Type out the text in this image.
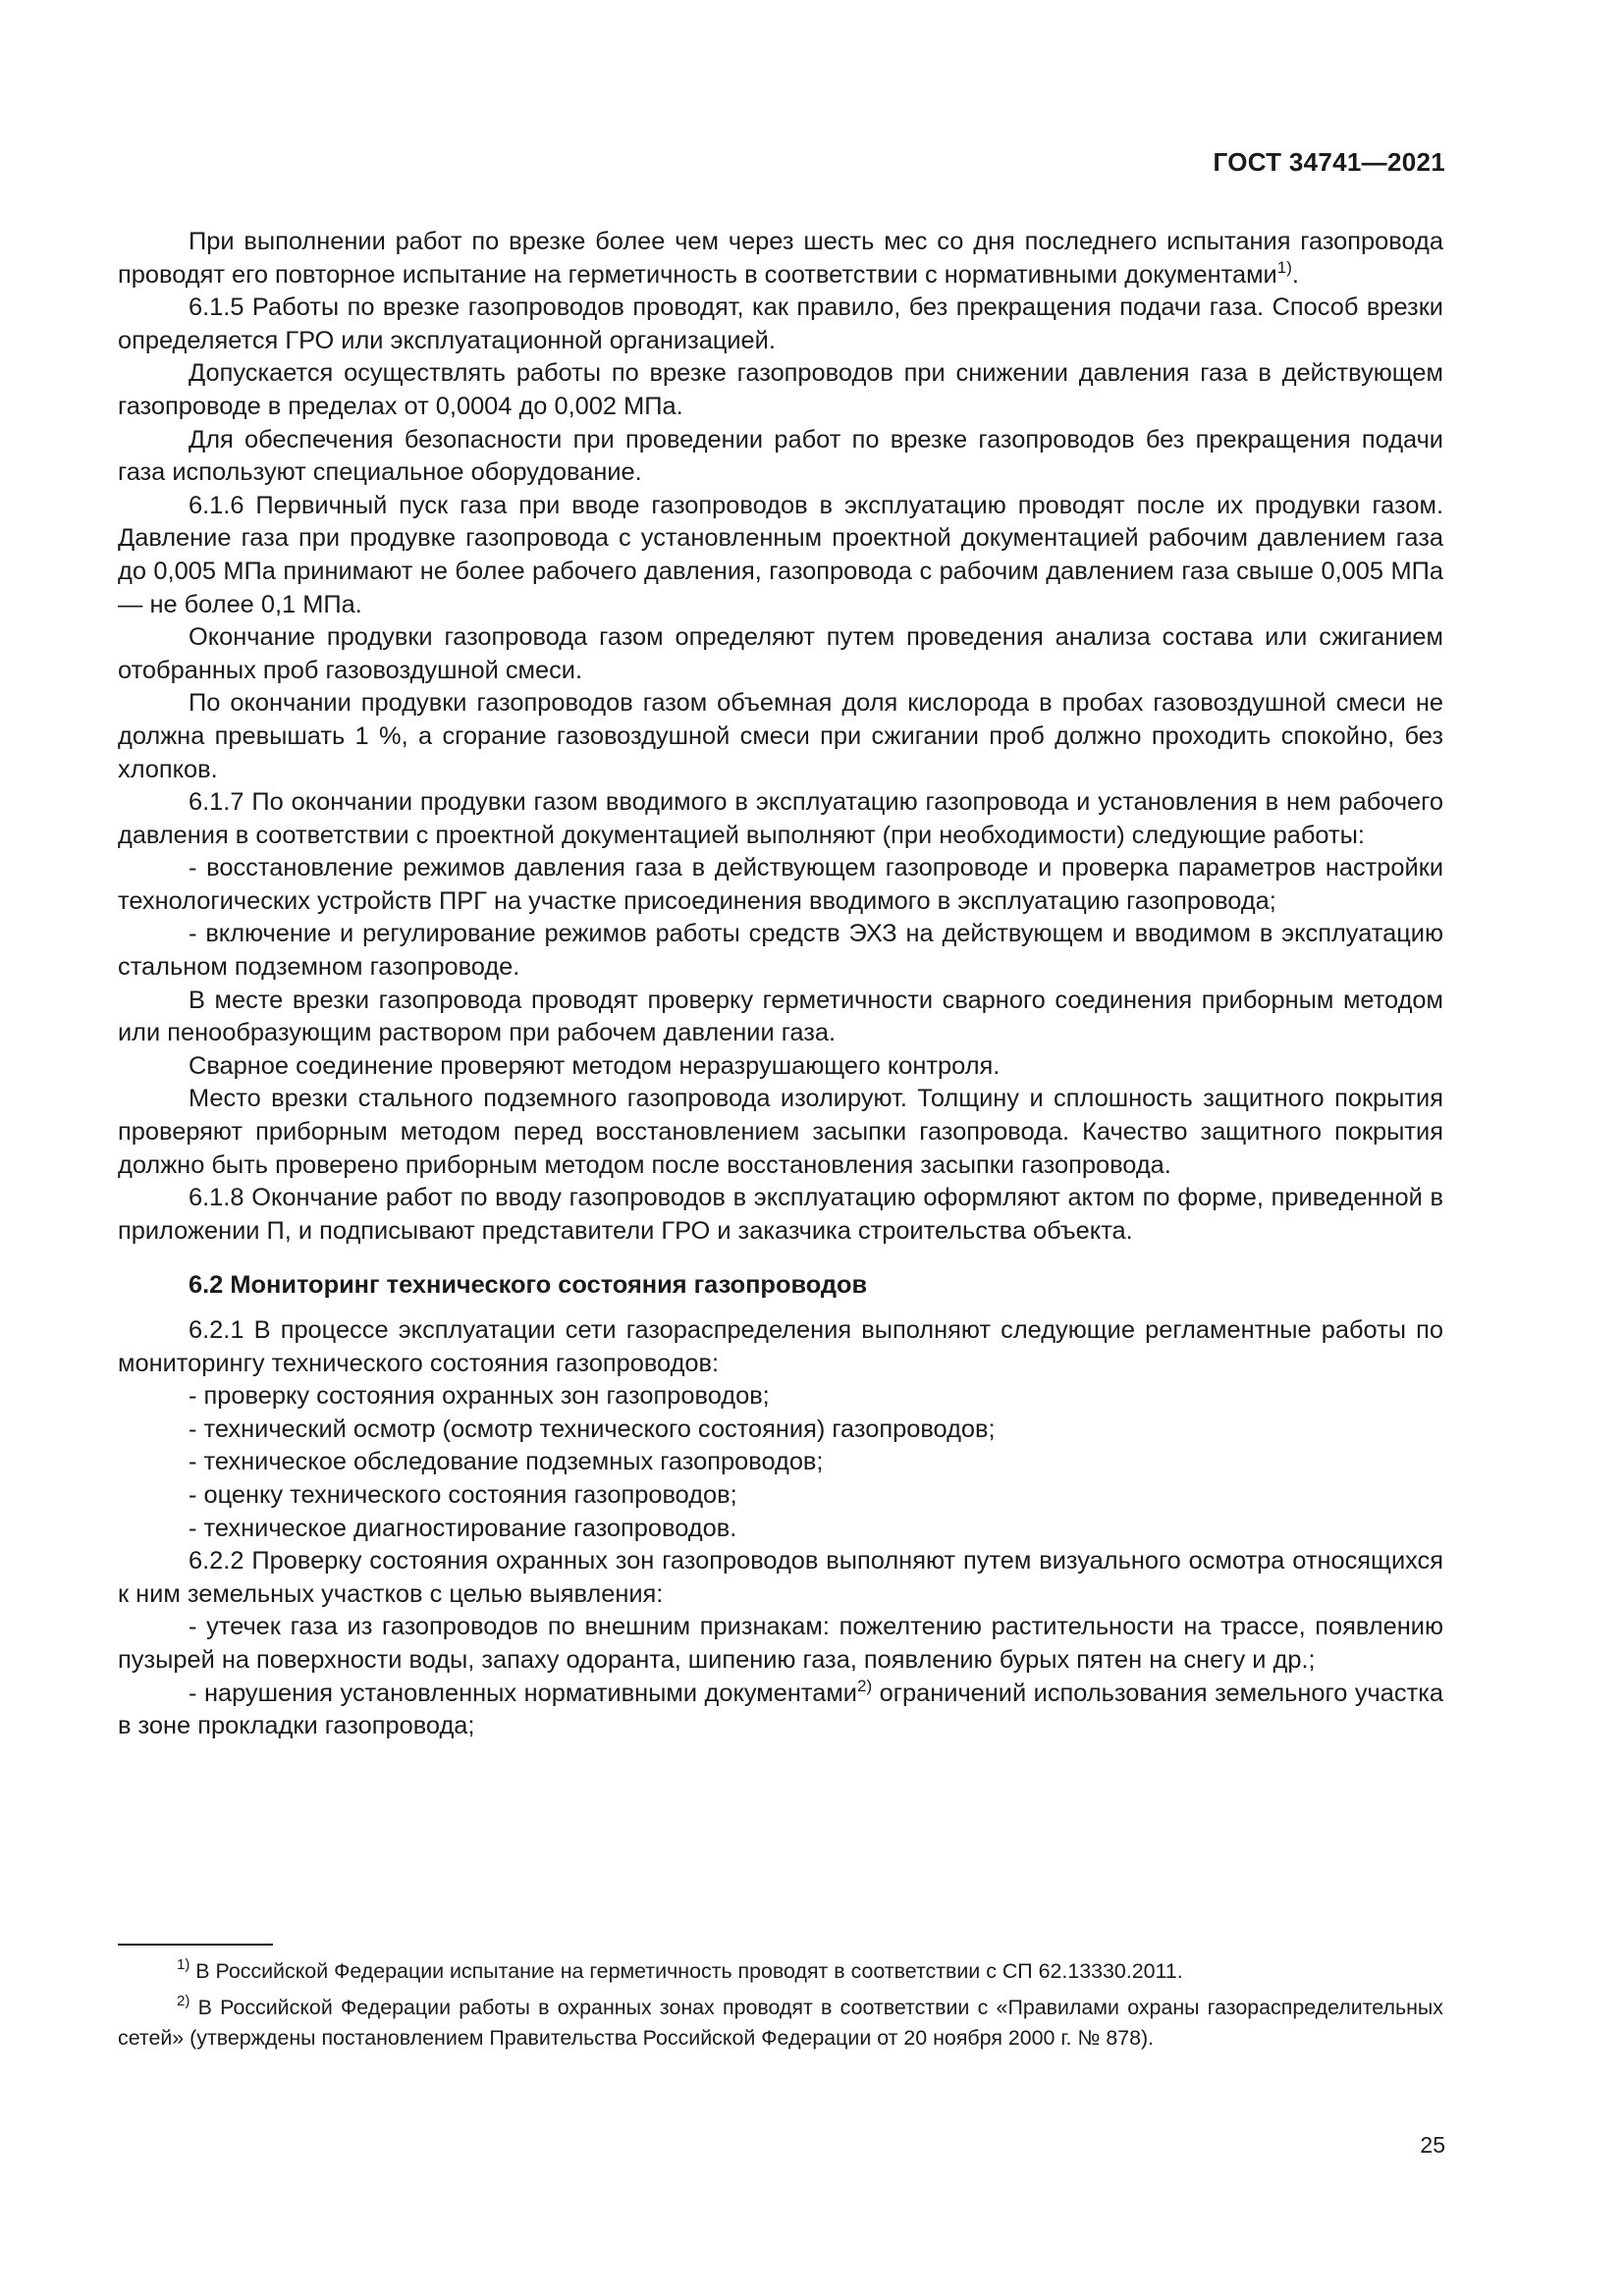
ГОСТ 34741—2021

При выполнении работ по врезке более чем через шесть мес со дня последнего испытания газопровода проводят его повторное испытание на герметичность в соответствии с нормативными документами$^{1)}$.

6.1.5 Работы по врезке газопроводов проводят, как правило, без прекращения подачи газа. Способ врезки определяется ГРО или эксплуатационной организацией.

Допускается осуществлять работы по врезке газопроводов при снижении давления газа в действующем газопроводе в пределах от 0,0004 до 0,002 МПа.

Для обеспечения безопасности при проведении работ по врезке газопроводов без прекращения подачи газа используют специальное оборудование.

6.1.6 Первичный пуск газа при вводе газопроводов в эксплуатацию проводят после их продувки газом. Давление газа при продувке газопровода с установленным проектной документацией рабочим давлением газа до 0,005 МПа принимают не более рабочего давления, газопровода с рабочим давлением газа свыше 0,005 МПа — не более 0,1 МПа.

Окончание продувки газопровода газом определяют путем проведения анализа состава или сжиганием отобранных проб газовоздушной смеси.

По окончании продувки газопроводов газом объемная доля кислорода в пробах газовоздушной смеси не должна превышать 1 %, а сгорание газовоздушной смеси при сжигании проб должно проходить спокойно, без хлопков.

6.1.7 По окончании продувки газом вводимого в эксплуатацию газопровода и установления в нем рабочего давления в соответствии с проектной документацией выполняют (при необходимости) следующие работы:

- восстановление режимов давления газа в действующем газопроводе и проверка параметров настройки технологических устройств ПРГ на участке присоединения вводимого в эксплуатацию газопровода;

- включение и регулирование режимов работы средств ЭХЗ на действующем и вводимом в эксплуатацию стальном подземном газопроводе.

В месте врезки газопровода проводят проверку герметичности сварного соединения приборным методом или пенообразующим раствором при рабочем давлении газа.

Сварное соединение проверяют методом неразрушающего контроля.

Место врезки стального подземного газопровода изолируют. Толщину и сплошность защитного покрытия проверяют приборным методом перед восстановлением засыпки газопровода. Качество защитного покрытия должно быть проверено приборным методом после восстановления засыпки газопровода.

6.1.8 Окончание работ по вводу газопроводов в эксплуатацию оформляют актом по форме, приведенной в приложении П, и подписывают представители ГРО и заказчика строительства объекта.

6.2 Мониторинг технического состояния газопроводов

6.2.1 В процессе эксплуатации сети газораспределения выполняют следующие регламентные работы по мониторингу технического состояния газопроводов:

- проверку состояния охранных зон газопроводов;

- технический осмотр (осмотр технического состояния) газопроводов;

- техническое обследование подземных газопроводов;

- оценку технического состояния газопроводов;

- техническое диагностирование газопроводов.

6.2.2 Проверку состояния охранных зон газопроводов выполняют путем визуального осмотра относящихся к ним земельных участков с целью выявления:

- утечек газа из газопроводов по внешним признакам: пожелтению растительности на трассе, появлению пузырей на поверхности воды, запаху одоранта, шипению газа, появлению бурых пятен на снегу и др.;

- нарушения установленных нормативными документами$^{2)}$ ограничений использования земельного участка в зоне прокладки газопровода;

$^{1)}$ В Российской Федерации испытание на герметичность проводят в соответствии с СП 62.13330.2011.

$^{2)}$ В Российской Федерации работы в охранных зонах проводят в соответствии с «Правилами охраны газораспределительных сетей» (утверждены постановлением Правительства Российской Федерации от 20 ноября 2000 г. № 878).

25
